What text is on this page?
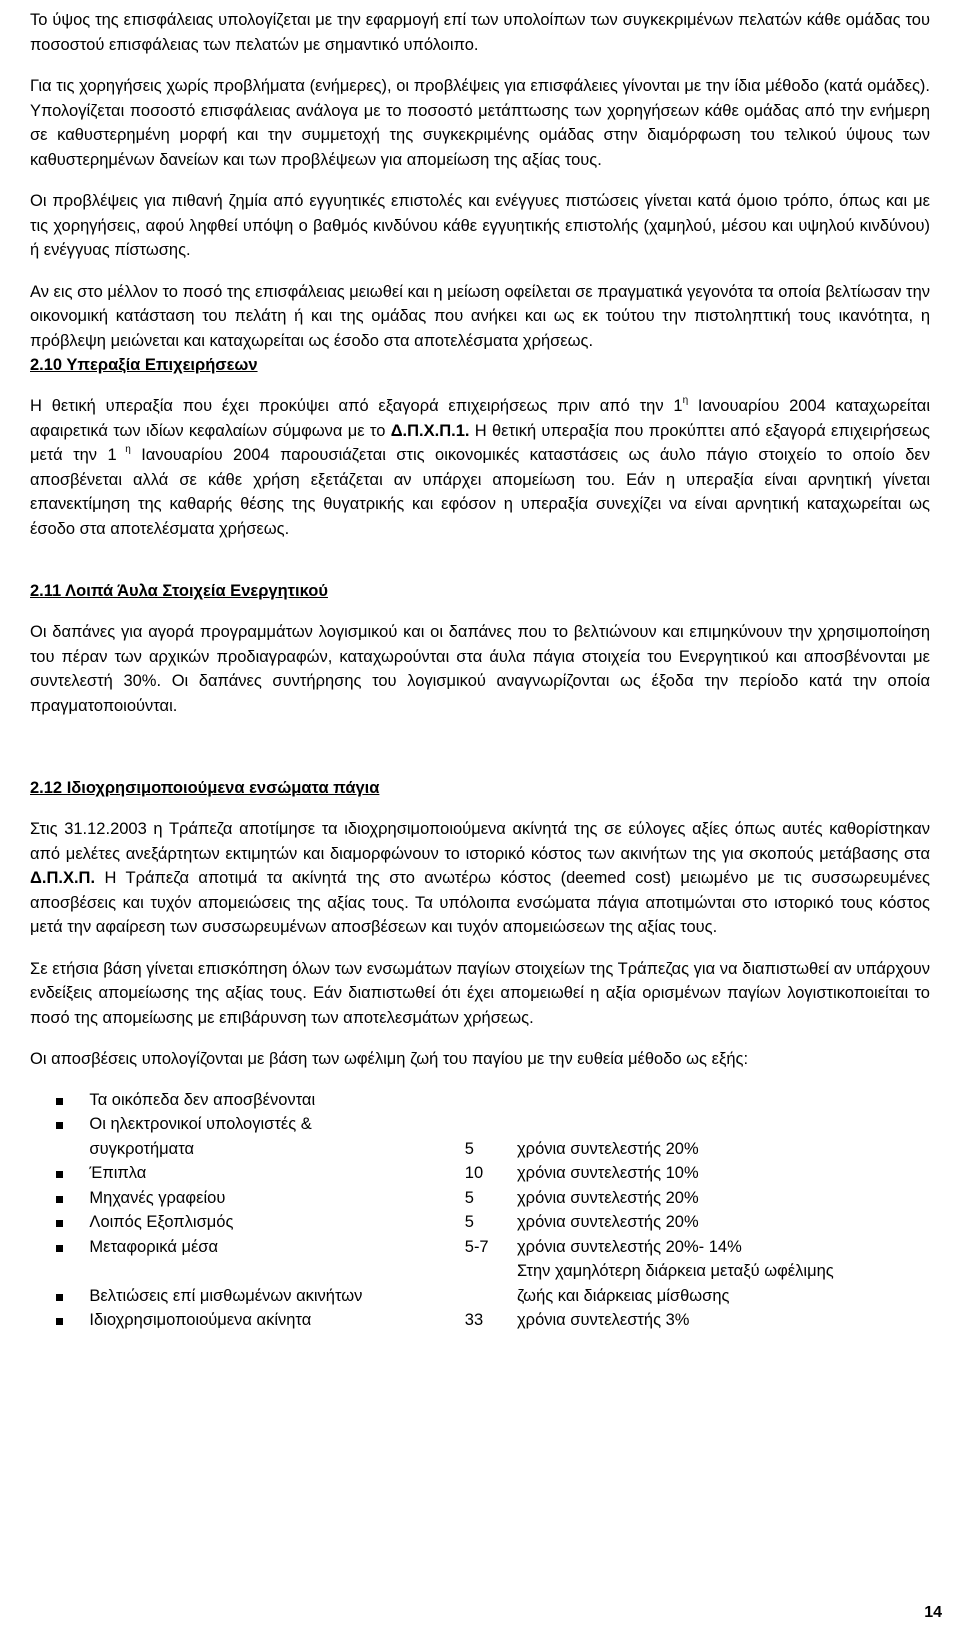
Το ύψος της επισφάλειας υπολογίζεται με την εφαρμογή επί των υπολοίπων των συγκεκριμένων πελατών κάθε ομάδας του ποσοστού επισφάλειας των πελατών με σημαντικό υπόλοιπο.

Για τις χορηγήσεις χωρίς προβλήματα (ενήμερες), οι προβλέψεις για επισφάλειες γίνονται με την ίδια μέθοδο (κατά ομάδες). Υπολογίζεται ποσοστό επισφάλειας ανάλογα με το ποσοστό μετάπτωσης των χορηγήσεων κάθε ομάδας από την ενήμερη σε καθυστερημένη μορφή και την συμμετοχή της συγκεκριμένης ομάδας στην διαμόρφωση του τελικού ύψους των καθυστερημένων δανείων και των προβλέψεων για απομείωση της αξίας τους.

Οι προβλέψεις για πιθανή ζημία από εγγυητικές επιστολές και ενέγγυες πιστώσεις γίνεται κατά όμοιο τρόπο, όπως και με τις χορηγήσεις, αφού ληφθεί υπόψη ο βαθμός κινδύνου κάθε εγγυητικής επιστολής (χαμηλού, μέσου και υψηλού κινδύνου) ή ενέγγυας πίστωσης.

Αν εις στο μέλλον το ποσό της επισφάλειας μειωθεί και η μείωση οφείλεται σε πραγματικά γεγονότα τα οποία βελτίωσαν την οικονομική κατάσταση του πελάτη ή και της ομάδας που ανήκει και ως εκ τούτου την πιστοληπτική τους ικανότητα, η πρόβλεψη μειώνεται και καταχωρείται ως έσοδο στα αποτελέσματα χρήσεως.

2.10 Υπεραξία Επιχειρήσεων

Η θετική υπεραξία που έχει προκύψει από εξαγορά επιχειρήσεως πριν από την $1^\eta$ Ιανουαρίου 2004 καταχωρείται αφαιρετικά των ιδίων κεφαλαίων σύμφωνα με το Δ.Π.Χ.Π.1. Η θετική υπεραξία που προκύπτει από εξαγορά επιχειρήσεως μετά την 1 $^\eta$ Ιανουαρίου 2004 παρουσιάζεται στις οικονομικές καταστάσεις ως άυλο πάγιο στοιχείο το οποίο δεν αποσβένεται αλλά σε κάθε χρήση εξετάζεται αν υπάρχει απομείωση του. Εάν η υπεραξία είναι αρνητική γίνεται επανεκτίμηση της καθαρής θέσης της θυγατρικής και εφόσον η υπεραξία συνεχίζει να είναι αρνητική καταχωρείται ως έσοδο στα αποτελέσματα χρήσεως.

2.11 Λοιπά Άυλα Στοιχεία Ενεργητικού

Οι δαπάνες για αγορά προγραμμάτων λογισμικού και οι δαπάνες που το βελτιώνουν και επιμηκύνουν την χρησιμοποίηση του πέραν των αρχικών προδιαγραφών, καταχωρούνται στα άυλα πάγια στοιχεία του Ενεργητικού και αποσβένονται με συντελεστή 30%. Οι δαπάνες συντήρησης του λογισμικού αναγνωρίζονται ως έξοδα την περίοδο κατά την οποία πραγματοποιούνται.

2.12 Ιδιοχρησιμοποιούμενα ενσώματα πάγια

Στις 31.12.2003 η Τράπεζα αποτίμησε τα ιδιοχρησιμοποιούμενα ακίνητά της σε εύλογες αξίες όπως αυτές καθορίστηκαν από μελέτες ανεξάρτητων εκτιμητών και διαμορφώνουν το ιστορικό κόστος των ακινήτων της για σκοπούς μετάβασης στα Δ.Π.Χ.Π. Η Τράπεζα αποτιμά τα ακίνητά της στο ανωτέρω κόστος (deemed cost) μειωμένο με τις συσσωρευμένες αποσβέσεις και τυχόν απομειώσεις της αξίας τους. Τα υπόλοιπα ενσώματα πάγια αποτιμώνται στο ιστορικό τους κόστος μετά την αφαίρεση των συσσωρευμένων αποσβέσεων και τυχόν απομειώσεων της αξίας τους.

Σε ετήσια βάση γίνεται επισκόπηση όλων των ενσωμάτων παγίων στοιχείων της Τράπεζας για να διαπιστωθεί αν υπάρχουν ενδείξεις απομείωσης της αξίας τους. Εάν διαπιστωθεί ότι έχει απομειωθεί η αξία ορισμένων παγίων λογιστικοποιείται το ποσό της απομείωσης με επιβάρυνση των αποτελεσμάτων χρήσεως.

Οι αποσβέσεις υπολογίζονται με βάση των ωφέλιμη ζωή του παγίου με την ευθεία μέθοδο ως εξής:

	Τα οικόπεδα δεν αποσβένονται		
	Οι ηλεκτρονικοί υπολογιστές &		
	συγκροτήματα	5	χρόνια συντελεστής 20%
	Έπιπλα	10	χρόνια συντελεστής 10%
	Μηχανές γραφείου	5	χρόνια συντελεστής 20%
	Λοιπός Εξοπλισμός	5	χρόνια συντελεστής 20%
	Μεταφορικά μέσα	5-7	χρόνια συντελεστής 20%- 14%
			Στην χαμηλότερη διάρκεια μεταξύ ωφέλιμης
	Βελτιώσεις επί μισθωμένων ακινήτων		ζωής και διάρκειας μίσθωσης
	Ιδιοχρησιμοποιούμενα ακίνητα	33	χρόνια συντελεστής 3%
14
